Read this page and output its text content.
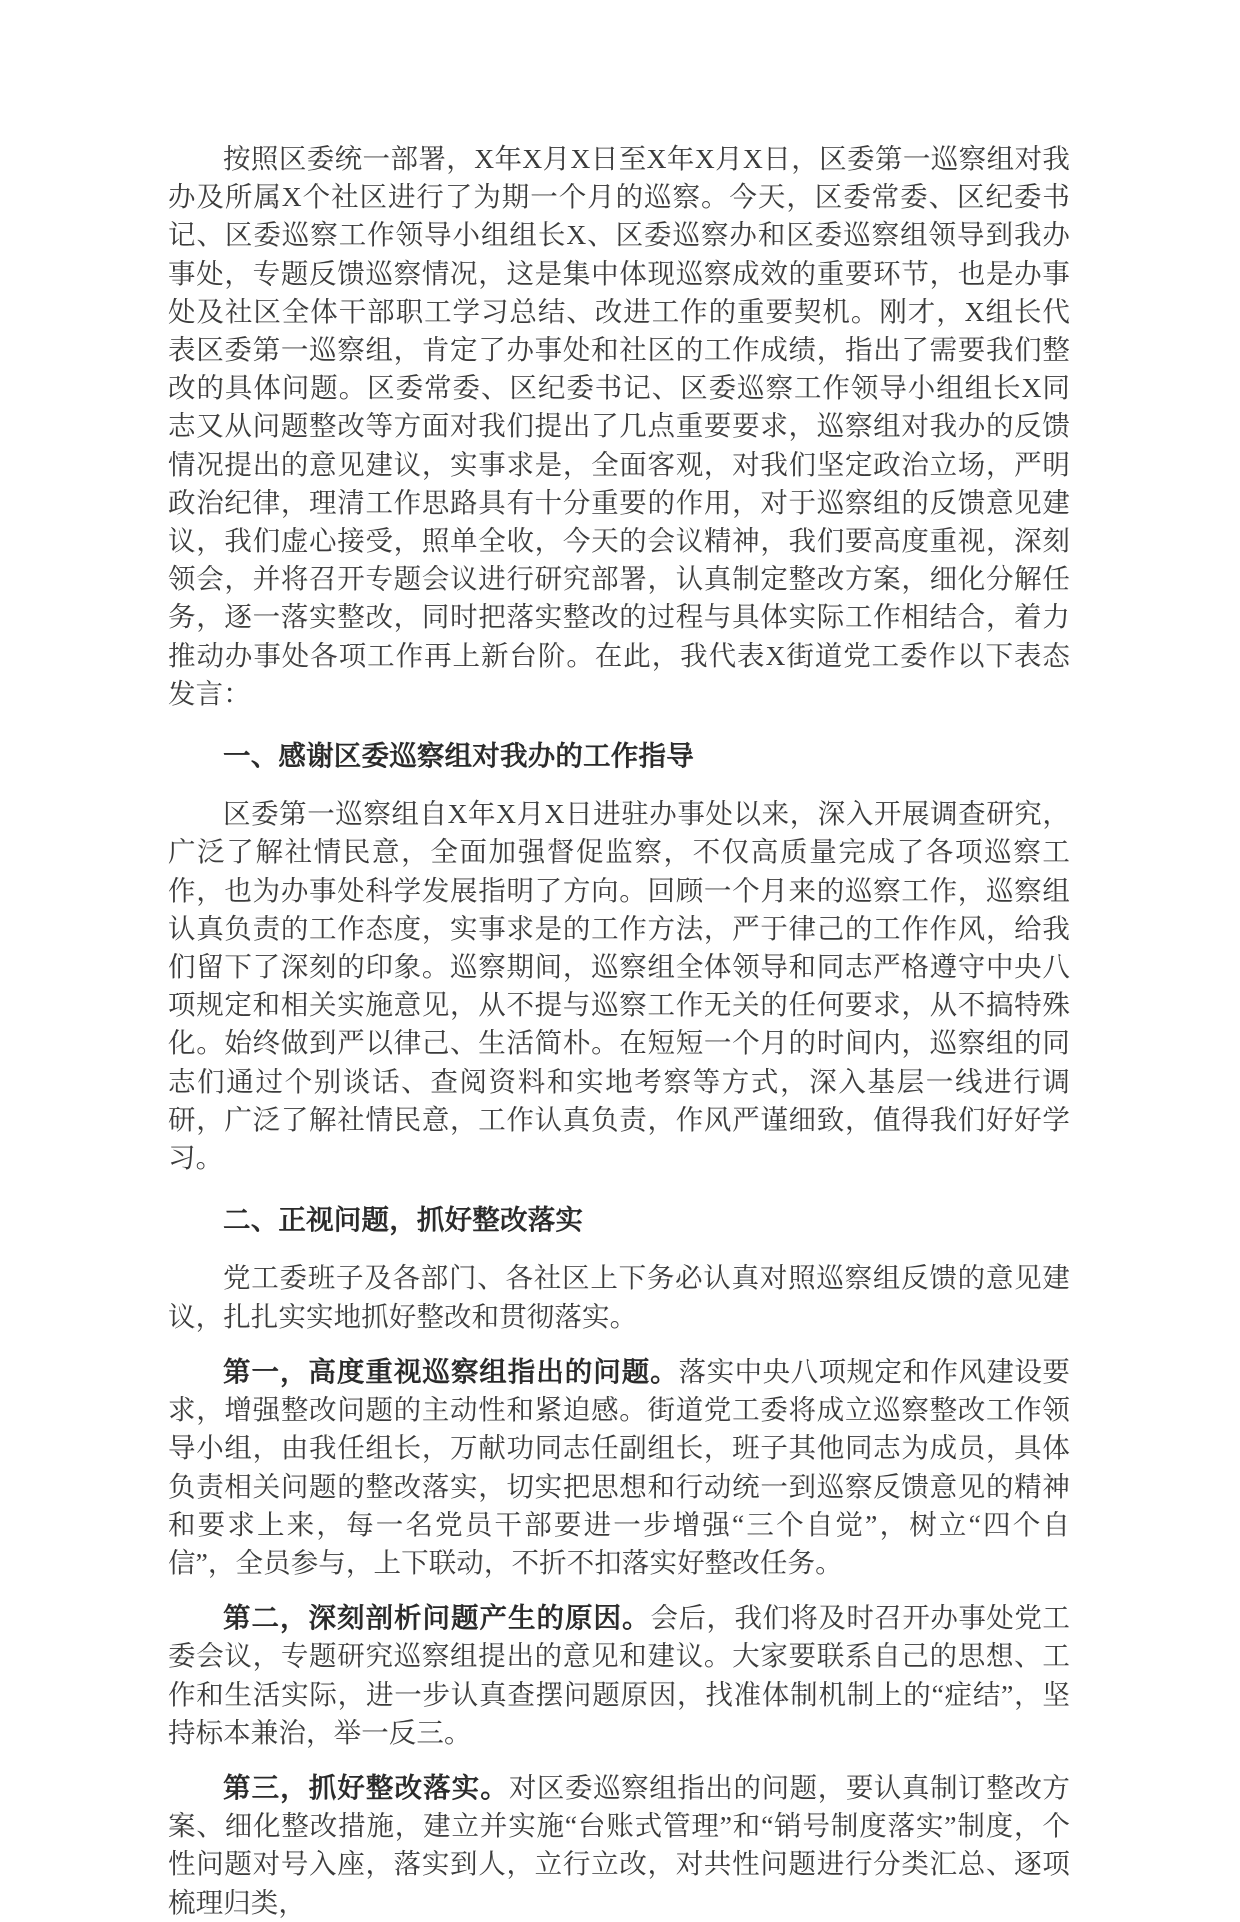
按照区委统一部署，X年X月X日至X年X月X日，区委第一巡察组对我办及所属X个社区进行了为期一个月的巡察。今天，区委常委、区纪委书记、区委巡察工作领导小组组长X、区委巡察办和区委巡察组领导到我办事处，专题反馈巡察情况，这是集中体现巡察成效的重要环节，也是办事处及社区全体干部职工学习总结、改进工作的重要契机。刚才，X组长代表区委第一巡察组，肯定了办事处和社区的工作成绩，指出了需要我们整改的具体问题。区委常委、区纪委书记、区委巡察工作领导小组组长X同志又从问题整改等方面对我们提出了几点重要要求，巡察组对我办的反馈情况提出的意见建议，实事求是，全面客观，对我们坚定政治立场，严明政治纪律，理清工作思路具有十分重要的作用，对于巡察组的反馈意见建议，我们虚心接受，照单全收，今天的会议精神，我们要高度重视，深刻领会，并将召开专题会议进行研究部署，认真制定整改方案，细化分解任务，逐一落实整改，同时把落实整改的过程与具体实际工作相结合，着力推动办事处各项工作再上新台阶。在此，我代表X街道党工委作以下表态发言：

一、感谢区委巡察组对我办的工作指导

区委第一巡察组自X年X月X日进驻办事处以来，深入开展调查研究，广泛了解社情民意，全面加强督促监察，不仅高质量完成了各项巡察工作，也为办事处科学发展指明了方向。回顾一个月来的巡察工作，巡察组认真负责的工作态度，实事求是的工作方法，严于律己的工作作风，给我们留下了深刻的印象。巡察期间，巡察组全体领导和同志严格遵守中央八项规定和相关实施意见，从不提与巡察工作无关的任何要求，从不搞特殊化。始终做到严以律己、生活简朴。在短短一个月的时间内，巡察组的同志们通过个别谈话、查阅资料和实地考察等方式，深入基层一线进行调研，广泛了解社情民意，工作认真负责，作风严谨细致，值得我们好好学习。

二、正视问题，抓好整改落实

党工委班子及各部门、各社区上下务必认真对照巡察组反馈的意见建议，扎扎实实地抓好整改和贯彻落实。

第一，高度重视巡察组指出的问题。落实中央八项规定和作风建设要求，增强整改问题的主动性和紧迫感。街道党工委将成立巡察整改工作领导小组，由我任组长，万献功同志任副组长，班子其他同志为成员，具体负责相关问题的整改落实，切实把思想和行动统一到巡察反馈意见的精神和要求上来，每一名党员干部要进一步增强“三个自觉”，树立“四个自信”，全员参与，上下联动，不折不扣落实好整改任务。

第二，深刻剖析问题产生的原因。会后，我们将及时召开办事处党工委会议，专题研究巡察组提出的意见和建议。大家要联系自己的思想、工作和生活实际，进一步认真查摆问题原因，找准体制机制上的“症结”，坚持标本兼治，举一反三。

第三，抓好整改落实。对区委巡察组指出的问题，要认真制订整改方案、细化整改措施，建立并实施“台账式管理”和“销号制度落实”制度，个性问题对号入座，落实到人，立行立改，对共性问题进行分类汇总、逐项梳理归类，
